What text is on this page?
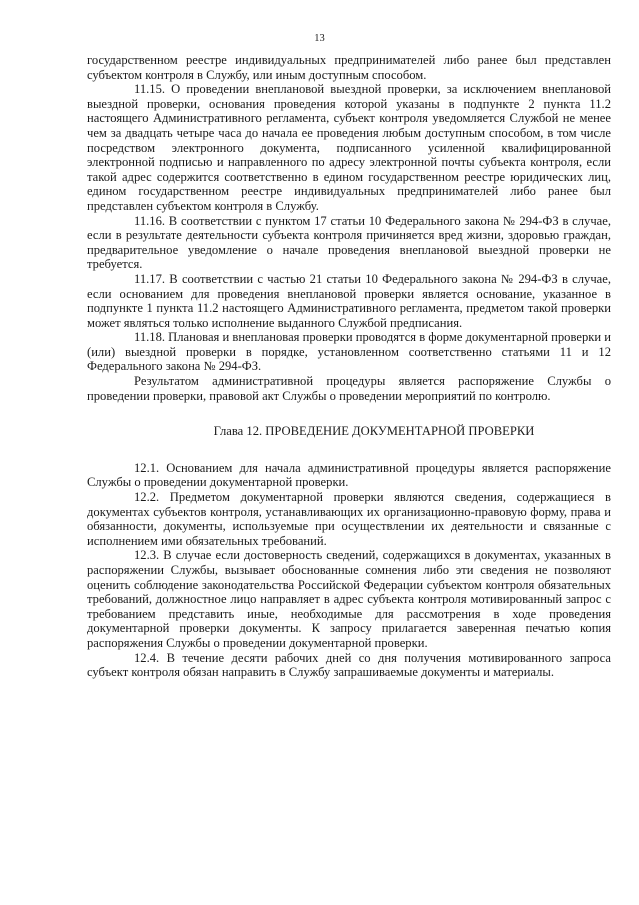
13

государственном реестре индивидуальных предпринимателей либо ранее был представлен субъектом контроля в Службу, или иным доступным способом.

11.15. О проведении внеплановой выездной проверки, за исключением внеплановой выездной проверки, основания проведения которой указаны в подпункте 2 пункта 11.2 настоящего Административного регламента, субъект контроля уведомляется Службой не менее чем за двадцать четыре часа до начала ее проведения любым доступным способом, в том числе посредством электронного документа, подписанного усиленной квалифицированной электронной подписью и направленного по адресу электронной почты субъекта контроля, если такой адрес содержится соответственно в едином государственном реестре юридических лиц, едином государственном реестре индивидуальных предпринимателей либо ранее был представлен субъектом контроля в Службу.

11.16. В соответствии с пунктом 17 статьи 10 Федерального закона № 294-ФЗ в случае, если в результате деятельности субъекта контроля причиняется вред жизни, здоровью граждан, предварительное уведомление о начале проведения внеплановой выездной проверки не требуется.

11.17. В соответствии с частью 21 статьи 10 Федерального закона № 294-ФЗ в случае, если основанием для проведения внеплановой проверки является основание, указанное в подпункте 1 пункта 11.2 настоящего Административного регламента, предметом такой проверки может являться только исполнение выданного Службой предписания.

11.18. Плановая и внеплановая проверки проводятся в форме документарной проверки и (или) выездной проверки в порядке, установленном соответственно статьями 11 и 12 Федерального закона № 294-ФЗ.

Результатом административной процедуры является распоряжение Службы о проведении проверки, правовой акт Службы о проведении мероприятий по контролю.

Глава 12. ПРОВЕДЕНИЕ ДОКУМЕНТАРНОЙ ПРОВЕРКИ

12.1. Основанием для начала административной процедуры является распоряжение Службы о проведении документарной проверки.

12.2. Предметом документарной проверки являются сведения, содержащиеся в документах субъектов контроля, устанавливающих их организационно-правовую форму, права и обязанности, документы, используемые при осуществлении их деятельности и связанные с исполнением ими обязательных требований.

12.3. В случае если достоверность сведений, содержащихся в документах, указанных в распоряжении Службы, вызывает обоснованные сомнения либо эти сведения не позволяют оценить соблюдение законодательства Российской Федерации субъектом контроля обязательных требований, должностное лицо направляет в адрес субъекта контроля мотивированный запрос с требованием представить иные, необходимые для рассмотрения в ходе проведения документарной проверки документы. К запросу прилагается заверенная печатью копия распоряжения Службы о проведении документарной проверки.

12.4. В течение десяти рабочих дней со дня получения мотивированного запроса субъект контроля обязан направить в Службу запрашиваемые документы и материалы.
